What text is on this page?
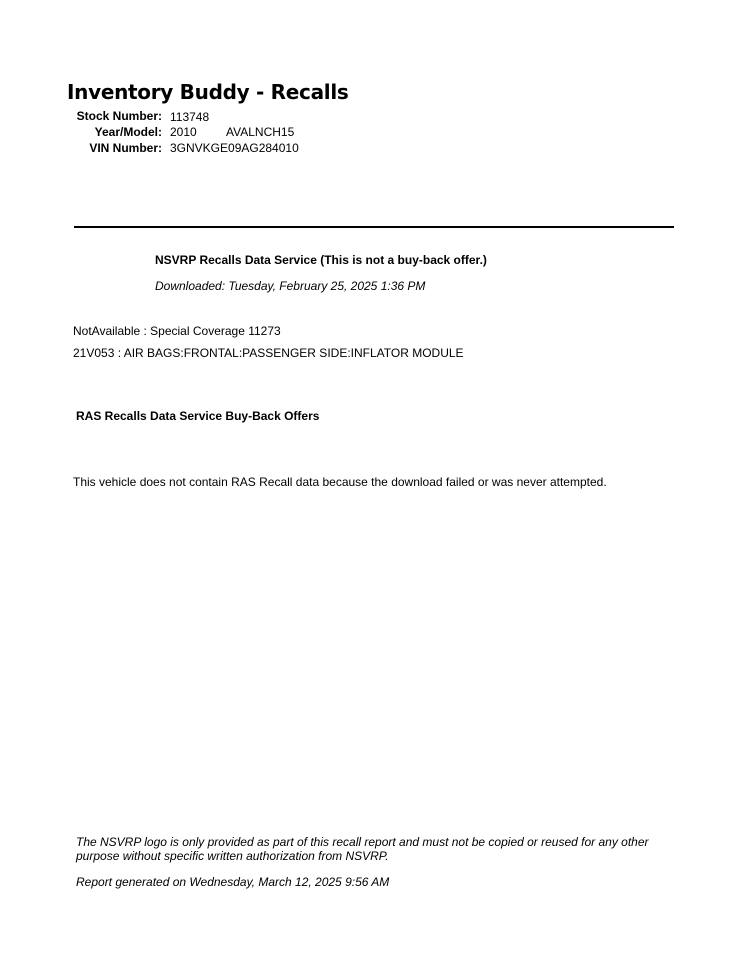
Inventory Buddy - Recalls
Stock Number: 113748
Year/Model: 2010 AVALNCH15
VIN Number: 3GNVKGE09AG284010
NSVRP Recalls Data Service (This is not a buy-back offer.)
Downloaded: Tuesday, February 25, 2025 1:36 PM
NotAvailable : Special Coverage 11273
21V053 : AIR BAGS:FRONTAL:PASSENGER SIDE:INFLATOR MODULE
RAS Recalls Data Service Buy-Back Offers
This vehicle does not contain RAS Recall data because the download failed or was never attempted.
The NSVRP logo is only provided as part of this recall report and must not be copied or reused for any other purpose without specific written authorization from NSVRP.
Report generated on Wednesday, March 12, 2025 9:56 AM
